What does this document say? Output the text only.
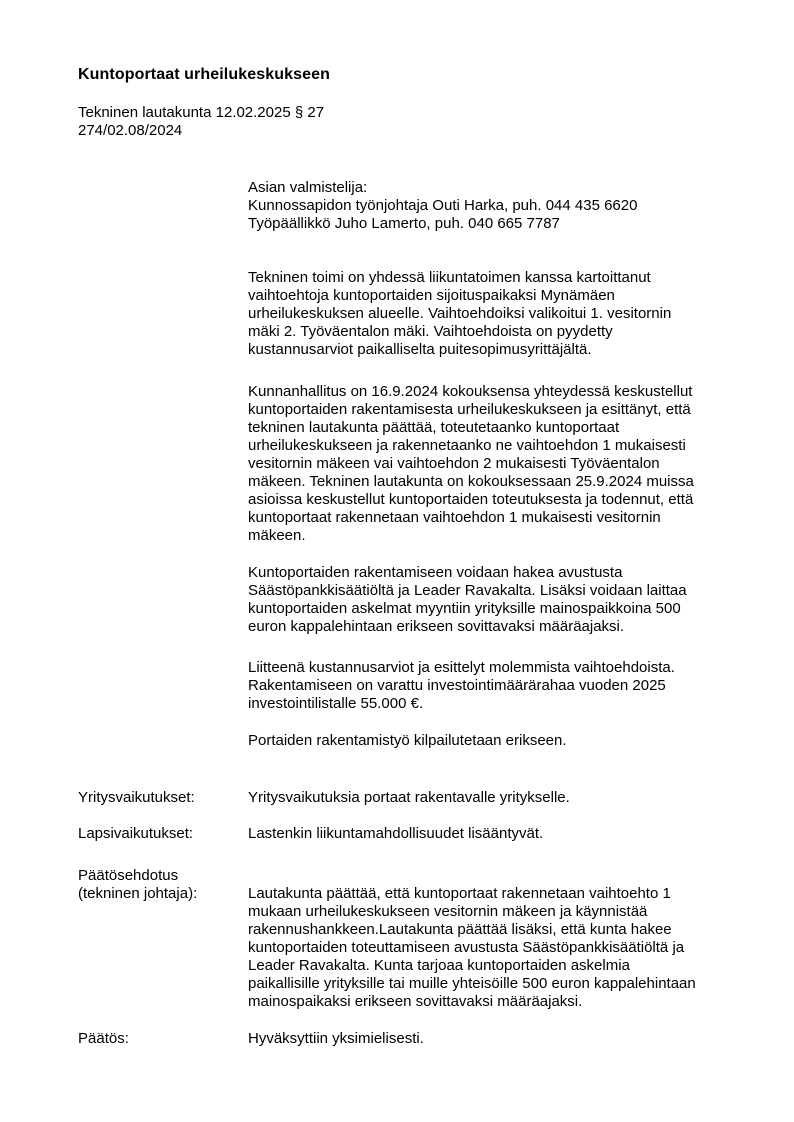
Kuntoportaat urheilukeskukseen
Tekninen lautakunta 12.02.2025 § 27
274/02.08/2024
Asian valmistelija:
Kunnossapidon työnjohtaja Outi Harka, puh. 044 435 6620
Työpäällikkö Juho Lamerto, puh. 040 665 7787
Tekninen toimi on yhdessä liikuntatoimen kanssa kartoittanut
vaihtoehtoja kuntoportaiden sijoituspaikaksi Mynämäen
urheilukeskuksen alueelle. Vaihtoehdoiksi valikoitui 1. vesitornin
mäki 2. Työväentalon mäki. Vaihtoehdoista on pyydetty
kustannusarviot paikalliselta puitesopimusyrittäjältä.
Kunnanhallitus on 16.9.2024 kokouksensa yhteydessä keskustellut
kuntoportaiden rakentamisesta urheilukeskukseen ja esittänyt, että
tekninen lautakunta päättää, toteutetaanko kuntoportaat
urheilukeskukseen ja rakennetaanko ne vaihtoehdon 1 mukaisesti
vesitornin mäkeen vai vaihtoehdon 2 mukaisesti Työväentalon
mäkeen. Tekninen lautakunta on kokouksessaan 25.9.2024 muissa
asioissa keskustellut kuntoportaiden toteutuksesta ja todennut, että
kuntoportaat rakennetaan vaihtoehdon 1 mukaisesti vesitornin
mäkeen.
Kuntoportaiden rakentamiseen voidaan hakea avustusta
Säästöpankkisäätiöltä ja Leader Ravakalta. Lisäksi voidaan laittaa
kuntoportaiden askelmat myyntiin yrityksille mainospaikkoina 500
euron kappalehintaan erikseen sovittavaksi määräajaksi.
Liitteenä kustannusarviot ja esittelyt molemmista vaihtoehdoista.
Rakentamiseen on varattu investointimäärärahaa vuoden 2025
investointilistalle 55.000 €.
Portaiden rakentamistyö kilpailutetaan erikseen.
Yritysvaikutukset:	Yritysvaikutuksia portaat rakentavalle yritykselle.
Lapsivaikutukset:	Lastenkin liikuntamahdollisuudet lisääntyvät.
Päätösehdotus
(tekninen johtaja):	Lautakunta päättää, että kuntoportaat rakennetaan vaihtoehto 1
mukaan urheilukeskukseen vesitornin mäkeen ja käynnistää
rakennushankkeen.Lautakunta päättää lisäksi, että kunta hakee
kuntoportaiden toteuttamiseen avustusta Säästöpankkisäätiöltä ja
Leader Ravakalta. Kunta tarjoaa kuntoportaiden askelmia
paikallisille yrityksille tai muille yhteisöille 500 euron kappalehintaan
mainospaikaksi erikseen sovittavaksi määräajaksi.
Päätös:	Hyväksyttiin yksimielisesti.
